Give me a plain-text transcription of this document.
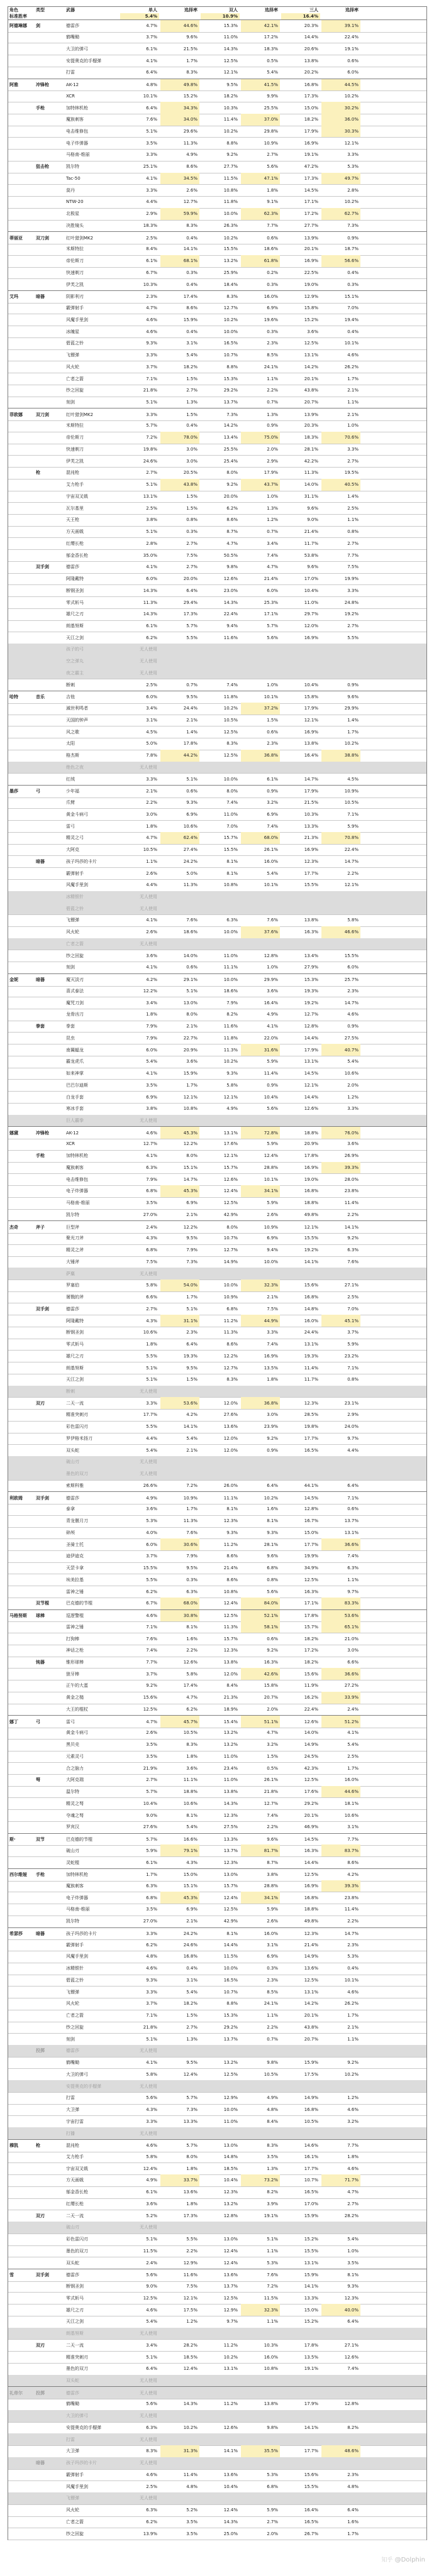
角色	类型	武器	单人	选择率	双人	选择率	三人	选择率
标准胜率	5.4%	10.9%	16.4%
阿德琳娜	剑	德雷莎	4.7%	44.6%	15.3%	42.1%	20.3%	39.1%
鹤嘴锄	3.7%	9.6%	11.0%	17.2%	14.4%	22.4%
大卫的弹弓	6.1%	21.5%	14.3%	18.3%	20.6%	19.1%
安提奥克的手榴弹	4.1%	1.7%	12.5%	0.5%	13.8%	0.6%
打雷	6.4%	8.3%	12.1%	5.4%	20.2%	6.0%
阿雅	冲锋枪	AK-12	4.8%	49.8%	9.5%	41.5%	16.8%	44.5%
XCR	10.1%	15.2%	18.2%	9.9%	17.3%	10.2%
手枪	加特林机枪	6.4%	34.3%	10.3%	25.5%	15.0%	30.2%
魔族刺客	7.6%	34.0%	11.4%	37.0%	18.2%	36.0%
电击维修包	5.1%	29.6%	10.2%	29.8%	17.9%	30.3%
电子炸弹器	3.5%	11.3%	8.8%	10.9%	16.9%	12.1%
马格南-维丽	3.3%	4.9%	9.2%	2.7%	19.1%	3.3%
狙击枪	凯尔特	25.1%	8.6%	27.7%	5.6%	47.2%	5.3%
Tac-50	4.1%	34.5%	11.5%	47.1%	17.3%	49.7%
莫丹	3.3%	2.6%	10.8%	1.8%	14.5%	2.8%
NTW-20	4.4%	12.7%	11.8%	9.1%	17.1%	10.2%
北极星	2.9%	59.9%	10.0%	62.3%	17.2%	62.7%
决胜镜头	18.3%	8.3%	26.3%	7.7%	27.7%	7.3%
蒂丽亚	双刀剑	红叶猎剑MK2	2.5%	0.4%	10.2%	0.6%	13.9%	0.9%
米斯特拉	8.4%	14.1%	15.5%	18.6%	20.1%	18.7%
帝伦斯刀	6.1%	68.1%	13.2%	61.8%	16.9%	56.6%
快速剃刀	6.7%	0.3%	25.9%	0.2%	22.5%	0.4%
伊芙之凯	10.3%	0.4%	18.4%	0.3%	19.0%	0.3%
艾玛	暗器	阴影利刃	2.3%	17.4%	8.3%	16.0%	12.9%	15.1%
霰弹射手	4.7%	8.6%	12.7%	6.9%	15.8%	7.0%
风魔手里剑	4.6%	15.9%	10.2%	19.6%	15.2%	19.4%
冰魄星	4.6%	0.4%	10.0%	0.3%	3.6%	0.4%
碧蓝之铃	9.3%	3.1%	16.5%	2.3%	12.5%	10.1%
飞镖弹	3.3%	5.4%	10.7%	8.5%	13.1%	4.6%
风火轮	3.7%	18.2%	8.8%	24.1%	14.2%	26.2%
亡者之箭	7.1%	1.5%	15.3%	1.1%	20.1%	1.7%
纱之回旋	21.8%	2.7%	29.2%	2.2%	43.8%	2.1%
刻剑	5.1%	1.3%	13.7%	0.7%	20.7%	1.1%
菲欧娜	双刀剑	红叶猎剑MK2	3.3%	1.5%	7.3%	1.3%	13.9%	2.1%
米斯特拉	5.7%	0.4%	14.2%	0.9%	20.3%	1.0%
帝伦斯刀	7.2%	78.0%	13.4%	75.0%	18.3%	70.6%
快速剃刀	19.8%	3.0%	25.5%	2.0%	28.1%	3.3%
伊芙之凯	24.6%	3.0%	25.4%	2.9%	42.2%	2.7%
枪	混沌枪	2.7%	20.5%	8.0%	17.9%	11.3%	19.5%
艾力枪手	5.1%	43.8%	9.2%	43.7%	14.0%	40.5%
宇宙双叉戟	13.1%	1.5%	20.0%	1.0%	31.1%	1.4%
瓦尔基里	2.5%	1.5%	6.2%	1.3%	9.6%	2.5%
天王枪	3.8%	0.8%	8.6%	1.2%	9.0%	1.1%
方天画戟	5.1%	0.3%	8.7%	0.7%	21.4%	0.8%
红缨长枪	2.8%	2.7%	4.7%	3.4%	11.7%	2.7%
郁金香长枪	35.0%	7.5%	50.5%	7.4%	53.8%	7.7%
双手剑	德雷莎	4.1%	2.7%	9.8%	4.7%	9.6%	7.5%
阿隆戴特	6.0%	20.0%	12.6%	21.4%	17.0%	19.9%
断钢圣剑	14.3%	6.4%	23.0%	6.0%	10.4%	3.3%
零式斩马	11.3%	29.4%	14.3%	25.3%	11.0%	24.8%
雄尺之刃	14.3%	17.3%	22.4%	17.1%	29.7%	19.2%
朗基努斯	6.1%	5.7%	9.4%	5.7%	12.0%	2.7%
天江之剑	6.2%	5.5%	11.6%	5.6%	16.9%	5.5%
孩子的弓	无人使用
空之弹丸	无人使用
夜之霸主	无人使用
断刺	2.5%	0.7%	7.4%	1.0%	10.4%	0.9%
哈特	音乐	吉他	6.0%	9.5%	11.8%	10.1%	15.8%	9.6%
滅世利鸣者	3.4%	24.4%	10.2%	37.2%	17.9%	29.9%
天国的钟声	3.1%	2.1%	10.5%	1.5%	12.1%	1.4%
风之歌	4.5%	1.4%	12.5%	0.6%	16.9%	1.7%
太阳	5.0%	17.8%	8.3%	2.3%	13.8%	10.2%
格杰斯	7.8%	44.2%	12.5%	36.8%	16.4%	38.8%
绝色之夜	无人使用
红绒	3.3%	5.1%	10.0%	6.1%	14.7%	4.5%
墨莎	弓	少年福	2.1%	0.6%	8.0%	0.9%	17.9%	10.9%
爪臂	2.2%	9.3%	7.4%	3.2%	21.5%	10.5%
黄金斗病弓	3.0%	6.9%	11.0%	6.9%	10.3%	7.1%
雷弓	1.8%	10.6%	7.0%	7.4%	13.3%	5.9%
精灵之弓	4.7%	62.4%	15.7%	68.0%	21.3%	70.8%
大阿克	10.5%	27.4%	15.5%	26.1%	16.9%	22.4%
暗器	孩子玛莎的卡片	1.1%	24.2%	8.1%	16.0%	12.3%	14.7%
霰弹射手	2.6%	5.0%	8.1%	5.4%	17.7%	2.2%
风魔手里剑	4.4%	11.3%	10.8%	10.1%	15.5%	12.1%
冰精银针	无人使用
碧蓝之铃	无人使用
飞镖弹	4.1%	7.6%	6.3%	7.6%	13.8%	5.8%
风火轮	2.6%	18.6%	10.0%	37.6%	16.3%	46.6%
亡者之箭	无人使用
纱之回旋	3.6%	14.0%	11.0%	12.8%	13.4%	15.5%
刻剑	4.1%	0.6%	11.1%	1.0%	27.9%	6.0%
金妮	暗器	魔灭淡刃	4.2%	29.1%	10.0%	29.9%	15.3%	25.7%
喜式泰法	12.2%	5.1%	18.6%	3.6%	19.3%	2.3%
魔咒刀剑	3.4%	13.0%	7.9%	16.4%	19.2%	14.7%
龙骨凶刀	1.8%	8.0%	8.2%	4.9%	12.7%	4.6%
拳套	拳套	7.9%	2.1%	11.6%	4.1%	12.8%	0.9%
昆虫	7.9%	22.7%	11.8%	22.0%	14.4%	27.5%
南翼蝠龙	6.0%	20.9%	11.3%	31.6%	17.9%	40.7%
霸龙虎爪	5.4%	3.6%	10.2%	5.9%	13.1%	5.4%
如来神掌	4.1%	15.9%	9.3%	11.4%	14.5%	10.6%
巴巴尔迪斯	3.5%	1.7%	5.8%	0.9%	12.1%	2.0%
白龙手套	6.9%	12.1%	12.1%	10.4%	14.4%	1.2%
寒冰手套	3.8%	10.8%	4.9%	5.6%	12.6%	3.3%
巨人霸拳	无人使用
娜黛	冲锋枪	AK-12	4.6%	45.3%	13.1%	72.8%	18.8%	76.0%
XCR	12.7%	12.2%	17.6%	5.9%	20.9%	3.6%
手枪	加特林机枪	4.1%	8.0%	12.1%	12.4%	17.8%	26.9%
魔族刺客	6.3%	15.1%	15.7%	28.8%	16.9%	39.3%
电击维修包	7.9%	14.7%	12.6%	10.1%	19.0%	28.0%
电子炸弹器	6.8%	45.3%	12.4%	34.1%	16.8%	23.8%
马格南-维丽	3.5%	6.9%	12.5%	5.9%	18.8%	11.4%
凯尔特	27.0%	2.1%	42.9%	2.6%	49.8%	2.2%
杰奇	斧子	巨型斧	2.4%	12.2%	8.0%	10.9%	12.1%	14.1%
聚光刀斧	4.3%	9.5%	10.7%	6.9%	15.5%	9.2%
精灵之斧	6.8%	7.9%	12.7%	9.4%	19.2%	6.3%
大锤斧	7.5%	7.3%	14.9%	10.0%	14.1%	7.6%
萨麋	无人使用
罗塞伯	5.8%	54.0%	10.0%	32.3%	15.6%	27.1%
屠戮的斧	6.6%	1.7%	10.9%	2.1%	16.8%	2.5%
双手剑	德雷莎	2.7%	5.1%	6.8%	7.5%	14.8%	7.0%
阿隆戴特	4.3%	31.1%	11.2%	44.9%	16.0%	45.1%
断钢圣剑	10.6%	2.3%	11.3%	3.3%	24.4%	3.7%
零式斩马	1.8%	6.4%	8.6%	7.4%	13.1%	5.9%
雄尺之刃	5.5%	19.3%	12.2%	16.9%	19.3%	23.2%
朗基努斯	5.1%	9.5%	12.7%	13.5%	11.4%	7.1%
天江之剑	5.1%	1.5%	8.3%	1.8%	11.7%	0.8%
断刺	无人使用
双刃	二天一流	3.3%	53.6%	12.0%	36.8%	12.3%	23.1%
精准突刺刃	17.7%	4.2%	27.6%	3.0%	28.5%	2.9%
彩色雷闪刃	5.5%	14.1%	13.6%	23.9%	19.8%	24.0%
罗伊格米扬刀	4.4%	5.4%	12.0%	9.2%	17.7%	9.7%
双头蛇	5.4%	2.1%	12.0%	0.9%	16.5%	4.4%
破山刃	无人使用
墨色的双刀	无人使用
索斯科雅	26.6%	7.2%	26.0%	6.4%	44.1%	6.4%
利欧姆	双手剑	德雷莎	4.9%	10.9%	11.1%	10.2%	14.5%	7.1%
泰拿	3.6%	1.7%	8.1%	1.6%	12.8%	0.6%
青龙偃月刀	5.3%	11.3%	12.3%	8.1%	16.7%	13.7%
碎颅	4.0%	7.6%	9.3%	9.3%	15.0%	13.1%
圣骑士托	6.0%	30.6%	11.2%	28.1%	17.7%	36.6%
迪伊迪克	3.7%	7.9%	8.6%	9.6%	19.9%	7.4%
天罡卡拿	15.5%	9.5%	21.4%	6.8%	34.9%	6.3%
埃美拉基	5.5%	0.3%	8.6%	0.8%	12.5%	1.1%
雷神之锤	6.2%	6.3%	10.8%	5.6%	16.3%	9.7%
双节棍	巴克德的节棍	6.7%	68.0%	12.4%	84.0%	17.1%	83.3%
马格努斯	球棒	巡逻警棍	4.6%	30.8%	12.5%	52.1%	17.8%	53.6%
雷神之锤	7.1%	8.1%	11.3%	58.1%	15.7%	65.1%
打狗棒	7.6%	1.6%	15.7%	0.6%	18.2%	21.0%
神话之枪	7.4%	2.2%	12.3%	9.2%	17.2%	3.0%
钝器	锥形球棒	7.7%	12.6%	13.8%	16.3%	18.2%	6.6%
狼牙棒	3.7%	5.8%	12.0%	42.6%	15.6%	36.6%
正午的大蛋	9.2%	17.4%	8.4%	15.8%	11.9%	27.2%
黄金之槌	15.6%	4.7%	21.3%	20.7%	16.2%	33.9%
大王的棍杖	12.5%	6.2%	18.9%	2.0%	22.4%	2.4%
娜丁	弓	雷弓	4.7%	45.7%	15.4%	51.1%	12.6%	51.2%
黄金斗病弓	2.6%	10.5%	13.2%	4.7%	14.0%	4.1%
黑贝壳	3.5%	8.3%	13.2%	3.2%	14.9%	5.4%
元素灵弓	3.5%	1.8%	11.0%	1.5%	24.5%	2.5%
合之脑力	21.9%	3.6%	23.4%	0.5%	42.3%	1.7%
弩	大阿克瑞	2.7%	11.1%	11.0%	26.1%	12.5%	16.0%
温尔特	5.7%	18.8%	13.8%	21.8%	17.6%	44.6%
精灵之弩	10.4%	10.6%	14.3%	12.7%	29.2%	18.1%
夺魂之弩	9.0%	8.1%	12.3%	7.4%	20.1%	10.6%
罗宾汉	27.6%	5.4%	27.5%	2.2%	46.9%	3.1%
斯·	双节	巴克德的节棍	5.7%	16.6%	13.3%	9.6%	14.5%	7.7%
破山刃	5.9%	79.1%	13.7%	81.7%	16.3%	83.7%
灵蛇棍	6.1%	4.3%	12.3%	8.7%	14.4%	8.6%
西尔维娅	手枪	加特林机枪	1.7%	15.0%	13.0%	3.8%	12.5%	4.2%
魔族刺客	6.3%	15.1%	15.7%	28.8%	16.9%	39.3%
电子炸弹器	6.8%	45.3%	12.4%	34.1%	16.8%	23.8%
马格南-维丽	3.5%	6.9%	12.5%	5.9%	18.8%	11.4%
凯尔特	27.0%	2.1%	42.9%	2.6%	49.8%	2.2%
希瑟莎	暗器	孩子玛莎的卡片	3.3%	24.2%	8.1%	16.0%	12.3%	14.7%
霰弹射手	6.2%	24.6%	14.4%	3.1%	21.4%	2.3%
风魔手里剑	4.8%	16.8%	11.5%	6.9%	14.9%	5.3%
冰精银针	4.6%	0.4%	10.0%	0.3%	13.6%	0.4%
碧蓝之铃	9.3%	3.1%	16.5%	2.3%	12.5%	10.1%
飞镖弹	3.3%	5.4%	10.7%	8.5%	13.1%	4.6%
风火轮	3.7%	18.2%	8.8%	24.1%	14.2%	26.2%
亡者之箭	7.1%	1.5%	15.3%	1.1%	20.1%	1.7%
纱之回旋	21.8%	2.7%	29.2%	2.2%	43.8%	2.1%
刻剑	5.1%	1.3%	13.7%	0.7%	20.7%	1.1%
投掷	德雷莎	无人使用
鹤嘴锄	4.1%	9.5%	13.2%	9.8%	15.9%	9.2%
大卫的弹弓	5.8%	12.4%	12.5%	10.5%	17.5%	10.2%
安提奥克的手榴弹	无人使用
打雷	5.6%	5.7%	12.9%	4.9%	14.9%	1.2%
大卫弹	4.3%	7.3%	10.0%	4.8%	16.8%	4.6%
宇宙打雷	3.3%	13.3%	11.0%	8.4%	10.5%	3.2%
打播	无人使用
穆凯	枪	混沌枪	4.6%	5.7%	13.0%	8.3%	14.6%	7.7%
艾力枪手	5.8%	8.0%	14.8%	3.5%	16.1%	1.8%
宇宙双叉戟	12.4%	1.8%	18.5%	1.3%	17.7%	4.6%
方天画戟	4.9%	33.7%	10.4%	73.2%	10.7%	71.7%
郁金香长枪	6.1%	13.6%	12.3%	8.2%	16.5%	4.7%
红缨长枪	3.6%	1.8%	13.2%	3.9%	17.0%	2.7%
双刃	二天一流	5.2%	17.3%	12.8%	19.1%	15.9%	28.2%
破山刃	无人使用
彩色雷闪刃	5.1%	5.5%	13.0%	5.1%	15.2%	5.4%
墨色的双刀	11.5%	2.2%	12.4%	1.1%	15.5%	1.0%
双头蛇	2.4%	12.9%	12.4%	5.3%	13.1%	3.5%
雪	双手剑	德雷莎	5.6%	11.6%	13.6%	7.6%	15.9%	8.1%
断钢圣剑	9.0%	7.5%	13.7%	7.2%	14.1%	9.3%
零式斩马	12.5%	12.1%	12.5%	11.5%	13.3%	12.3%
雄尺之刃	4.6%	17.5%	12.9%	32.3%	15.0%	40.0%
天江之剑	5.4%	1.2%	9.7%	1.1%	15.2%	6.4%
朗基努斯	无人使用
双刃	二天一流	3.4%	28.2%	11.2%	10.3%	17.8%	27.1%
精准突刺刃	5.1%	18.5%	10.2%	16.0%	13.5%	12.6%
墨色的双刀	6.4%	12.4%	13.1%	10.8%	19.1%	7.4%
双头蛇	无人使用
礼帝尔	投掷	德雷莎	无人使用
鹤嘴锄	5.6%	14.3%	11.2%	13.8%	17.9%	12.8%
大卫的弹弓	无人使用
安提奥克的手榴弹	6.3%	10.2%	12.6%	9.8%	14.1%	8.2%
打雷	无人使用
大卫弹	8.3%	31.3%	14.1%	35.5%	17.7%	48.6%
暗器	孩子玛莎的卡片	无人使用
霰弹射手	4.6%	11.4%	13.6%	5.3%	15.6%	2.3%
风魔手里剑	2.5%	4.8%	10.4%	6.8%	15.5%	4.8%
飞镖弹	无人使用
风火轮	6.3%	5.2%	12.4%	5.9%	16.4%	6.4%
亡者之箭	6.2%	3.5%	14.3%	2.7%	16.5%	1.6%
纱之回旋	13.9%	3.5%	25.0%	2.0%	26.7%	1.7%
知乎 @Dolphin
